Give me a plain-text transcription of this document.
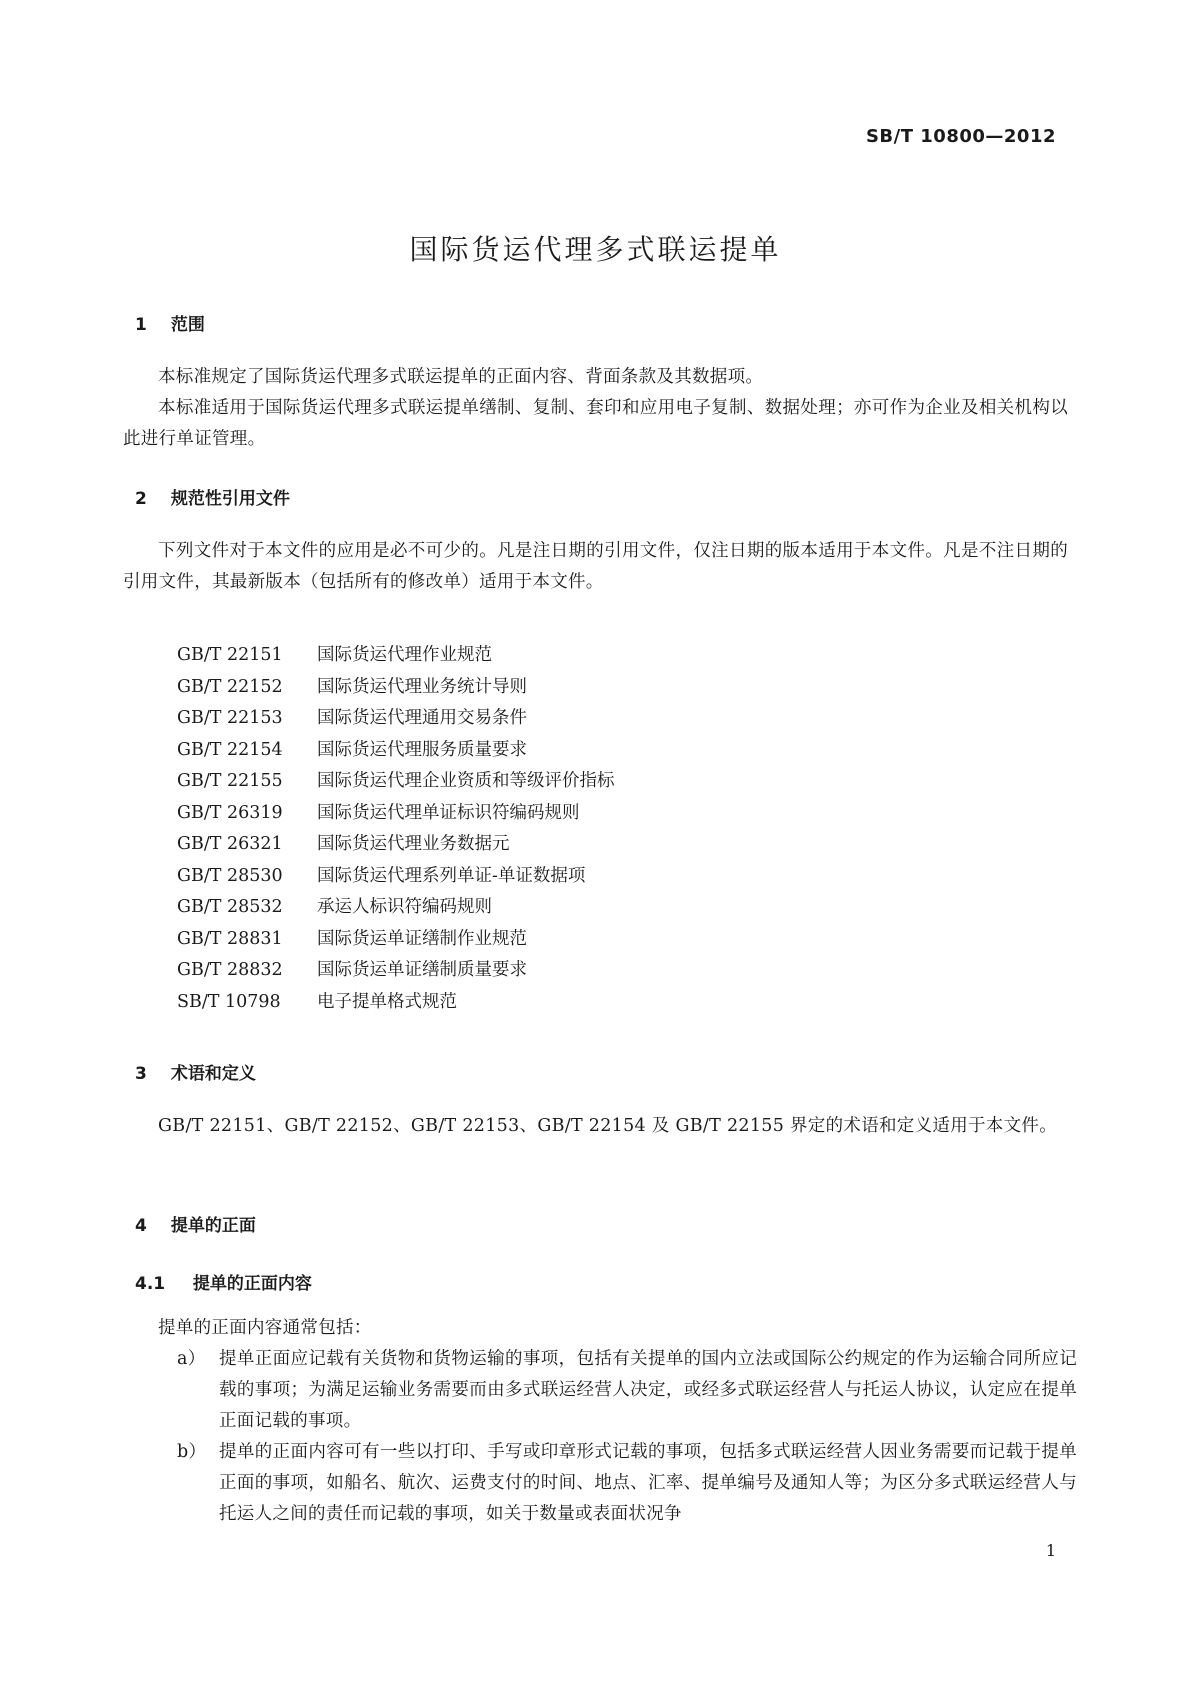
SB/T 10800—2012
国际货运代理多式联运提单
1 范围
本标准规定了国际货运代理多式联运提单的正面内容、背面条款及其数据项。
本标准适用于国际货运代理多式联运提单缮制、复制、套印和应用电子复制、数据处理；亦可作为企业及相关机构以此进行单证管理。
2 规范性引用文件
下列文件对于本文件的应用是必不可少的。凡是注日期的引用文件，仅注日期的版本适用于本文件。凡是不注日期的引用文件，其最新版本（包括所有的修改单）适用于本文件。
GB/T 22151 国际货运代理作业规范
GB/T 22152 国际货运代理业务统计导则
GB/T 22153 国际货运代理通用交易条件
GB/T 22154 国际货运代理服务质量要求
GB/T 22155 国际货运代理企业资质和等级评价指标
GB/T 26319 国际货运代理单证标识符编码规则
GB/T 26321 国际货运代理业务数据元
GB/T 28530 国际货运代理系列单证-单证数据项
GB/T 28532 承运人标识符编码规则
GB/T 28831 国际货运单证缮制作业规范
GB/T 28832 国际货运单证缮制质量要求
SB/T 10798 电子提单格式规范
3 术语和定义
GB/T 22151、GB/T 22152、GB/T 22153、GB/T 22154 及 GB/T 22155 界定的术语和定义适用于本文件。
4 提单的正面
4.1 提单的正面内容
提单的正面内容通常包括：
a） 提单正面应记载有关货物和货物运输的事项，包括有关提单的国内立法或国际公约规定的作为运输合同所应记载的事项；为满足运输业务需要而由多式联运经营人决定，或经多式联运经营人与托运人协议，认定应在提单正面记载的事项。
b） 提单的正面内容可有一些以打印、手写或印章形式记载的事项，包括多式联运经营人因业务需要而记载于提单正面的事项，如船名、航次、运费支付的时间、地点、汇率、提单编号及通知人等；为区分多式联运经营人与托运人之间的责任而记载的事项，如关于数量或表面状况争
1
